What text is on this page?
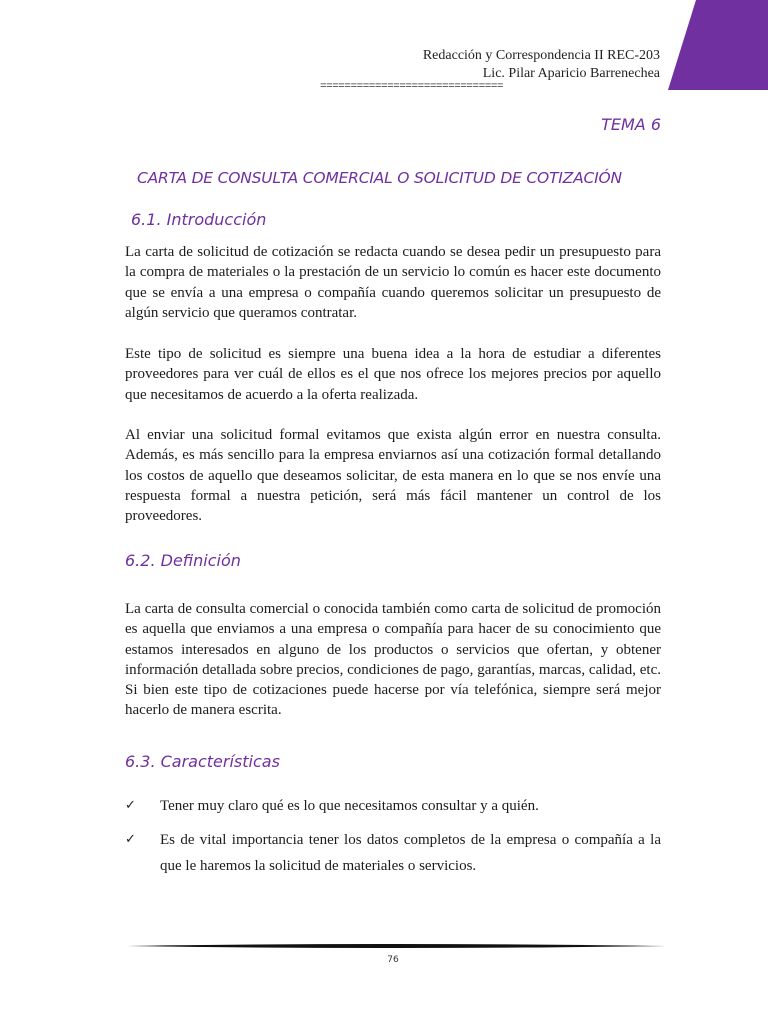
Redacción y Correspondencia II REC-203
Lic. Pilar Aparicio Barrenechea
==============================
TEMA 6
CARTA DE CONSULTA COMERCIAL O SOLICITUD DE COTIZACIÓN
6.1. Introducción

La carta de solicitud de cotización se redacta cuando se desea pedir un presupuesto para la compra de materiales o la prestación de un servicio lo común es hacer este documento que se envía a una empresa o compañía cuando queremos solicitar un presupuesto de algún servicio que queramos contratar.

Este tipo de solicitud es siempre una buena idea a la hora de estudiar a diferentes proveedores para ver cuál de ellos es el que nos ofrece los mejores precios por aquello que necesitamos de acuerdo a la oferta realizada.

Al enviar una solicitud formal evitamos que exista algún error en nuestra consulta. Además, es más sencillo para la empresa enviarnos así una cotización formal detallando los costos de aquello que deseamos solicitar, de esta manera en lo que se nos envíe una respuesta formal a nuestra petición, será más fácil mantener un control de los proveedores.

6.2. Definición

La carta de consulta comercial o conocida también como carta de solicitud de promoción es aquella que enviamos a una empresa o compañía para hacer de su conocimiento que estamos interesados en alguno de los productos o servicios que ofertan, y obtener información detallada sobre precios, condiciones de pago, garantías, marcas, calidad, etc. Si bien este tipo de cotizaciones puede hacerse por vía telefónica, siempre será mejor hacerlo de manera escrita.

6.3. Características
✓ Tener muy claro qué es lo que necesitamos consultar y a quién.
✓ Es de vital importancia tener los datos completos de la empresa o compañía a la que le haremos la solicitud de materiales o servicios.
76
